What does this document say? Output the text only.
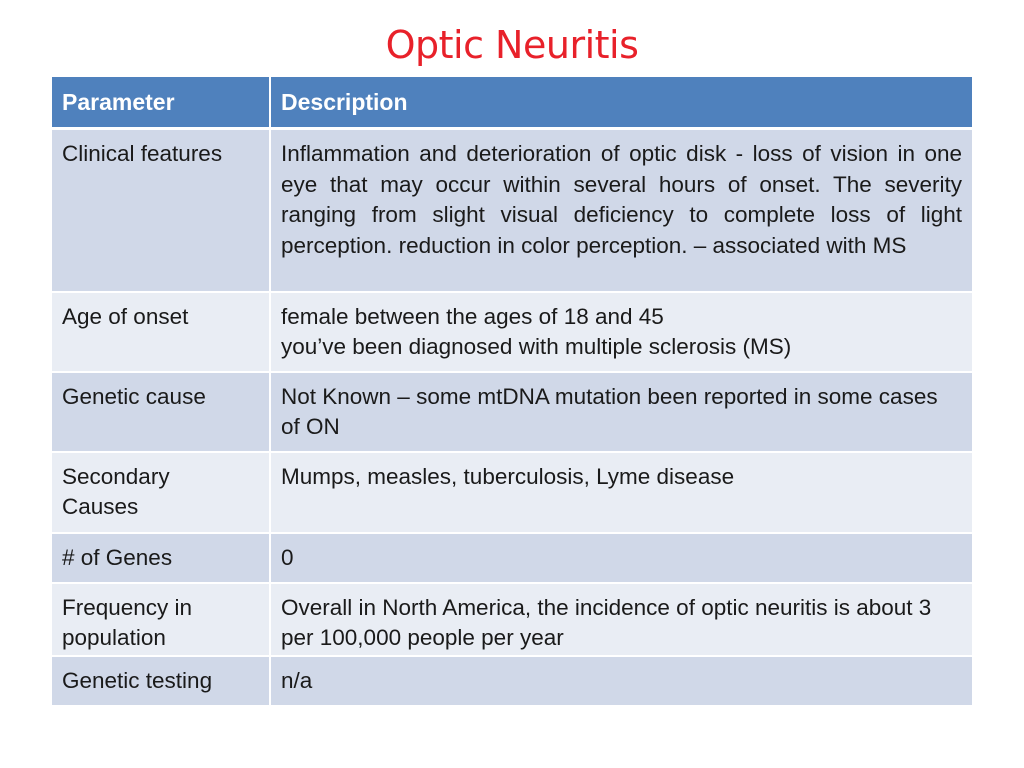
Optic Neuritis
Parameter	Description
Clinical features	Inflammation and deterioration of optic disk - loss of vision in one eye that may occur within several hours of onset. The severity ranging from slight visual deficiency to complete loss of light perception. reduction in color perception. – associated with MS
Age of onset	female between the ages of 18 and 45
you’ve been diagnosed with multiple sclerosis (MS)

Genetic cause	Not Known – some mtDNA mutation been reported in some cases of ON

Secondary Causes	Mumps, measles, tuberculosis, Lyme disease
# of Genes	0

Frequency in population	Overall in North America, the incidence of optic neuritis is about 3 per 100,000 people per year
Genetic testing	n/a
